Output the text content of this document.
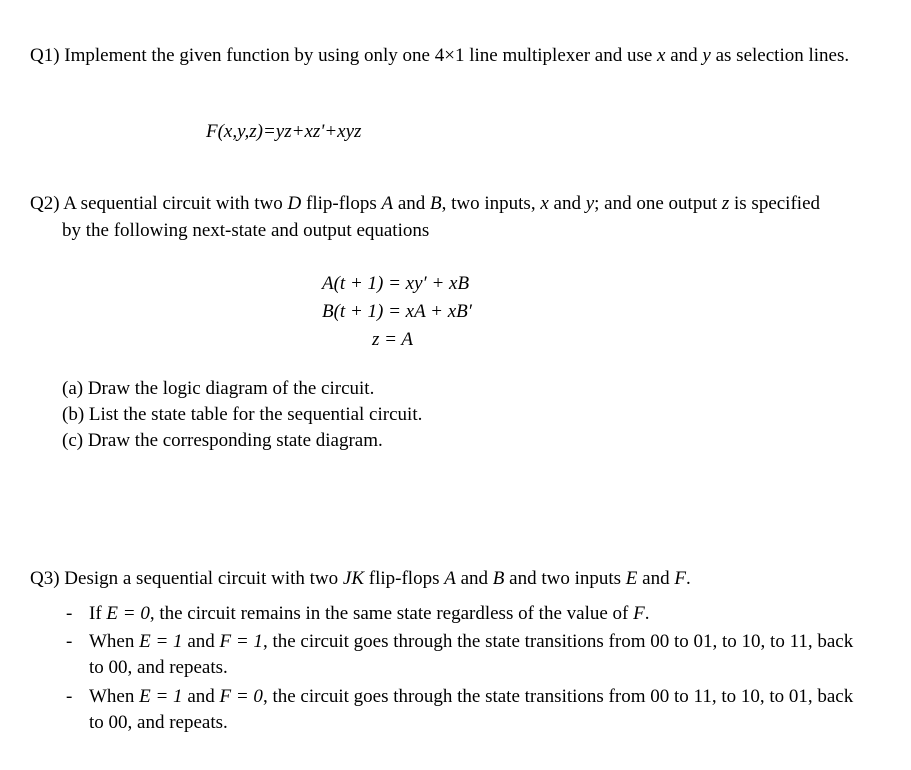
Q1) Implement the given function by using only one 4×1 line multiplexer and use x and y as selection lines.
F(x,y,z)=yz+xz'+xyz
Q2) A sequential circuit with two D flip-flops A and B, two inputs, x and y; and one output z is specified
by the following next-state and output equations
A(t + 1) = xy′ + xB
B(t + 1) = xA + xB′
z = A
(a) Draw the logic diagram of the circuit.
(b) List the state table for the sequential circuit.
(c) Draw the corresponding state diagram.
Q3) Design a sequential circuit with two JK flip-flops A and B and two inputs E and F.
- If E = 0, the circuit remains in the same state regardless of the value of F.
- When E = 1 and F = 1, the circuit goes through the state transitions from 00 to 01, to 10, to 11, back
to 00, and repeats.
- When E = 1 and F = 0, the circuit goes through the state transitions from 00 to 11, to 10, to 01, back
to 00, and repeats.
